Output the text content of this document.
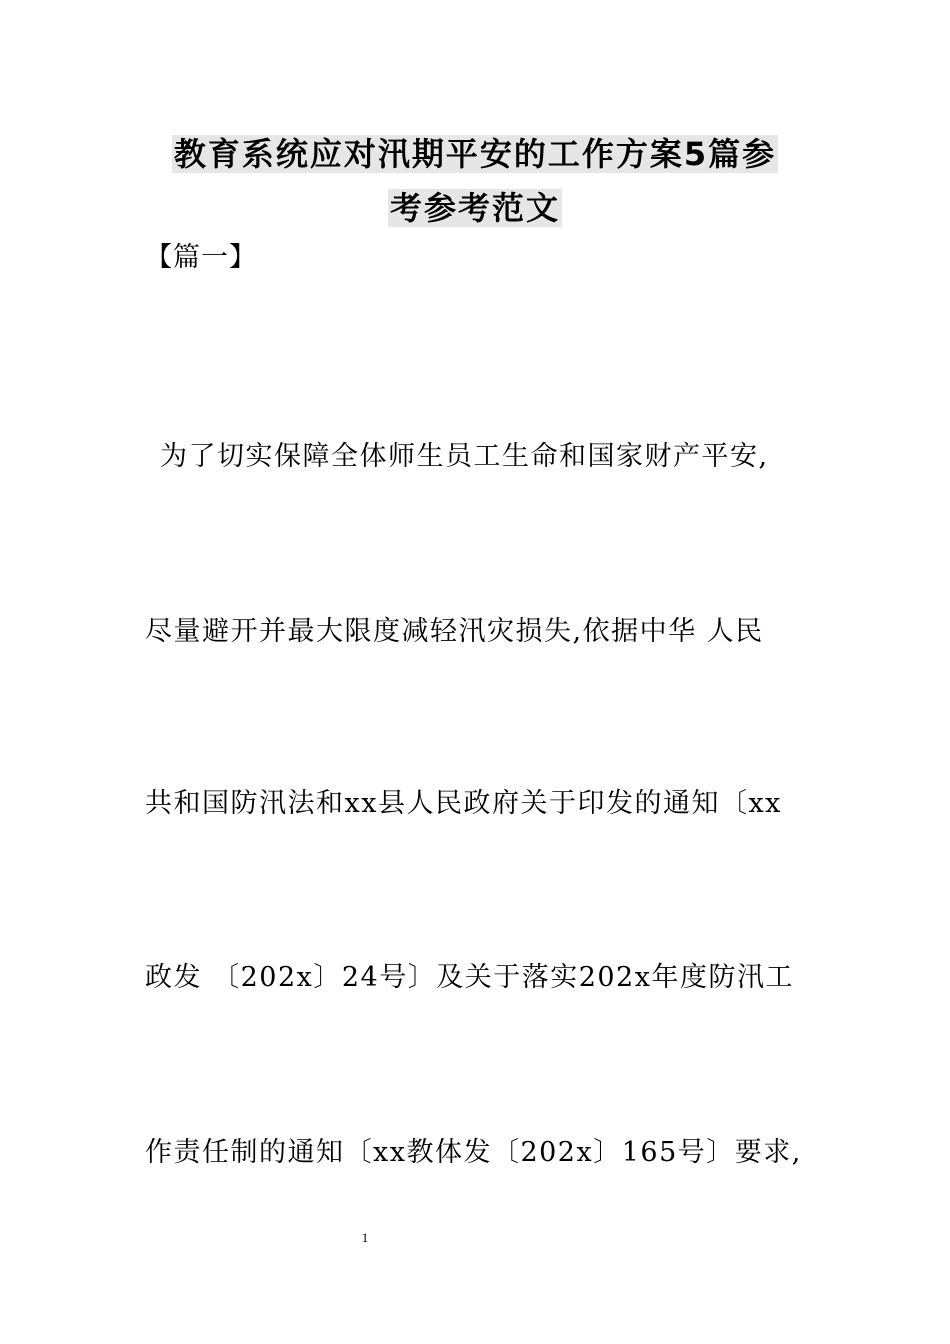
教育系统应对汛期平安的工作方案5篇参
考参考范文
【篇一】
为了切实保障全体师生员工生命和国家财产平安,
尽量避开并最大限度减轻汛灾损失,依据中华 人民
共和国防汛法和xx县人民政府关于印发的通知〔xx
政发 〔202x〕24号〕及关于落实202x年度防汛工
作责任制的通知〔xx教体发〔202x〕165号〕要求,
1
